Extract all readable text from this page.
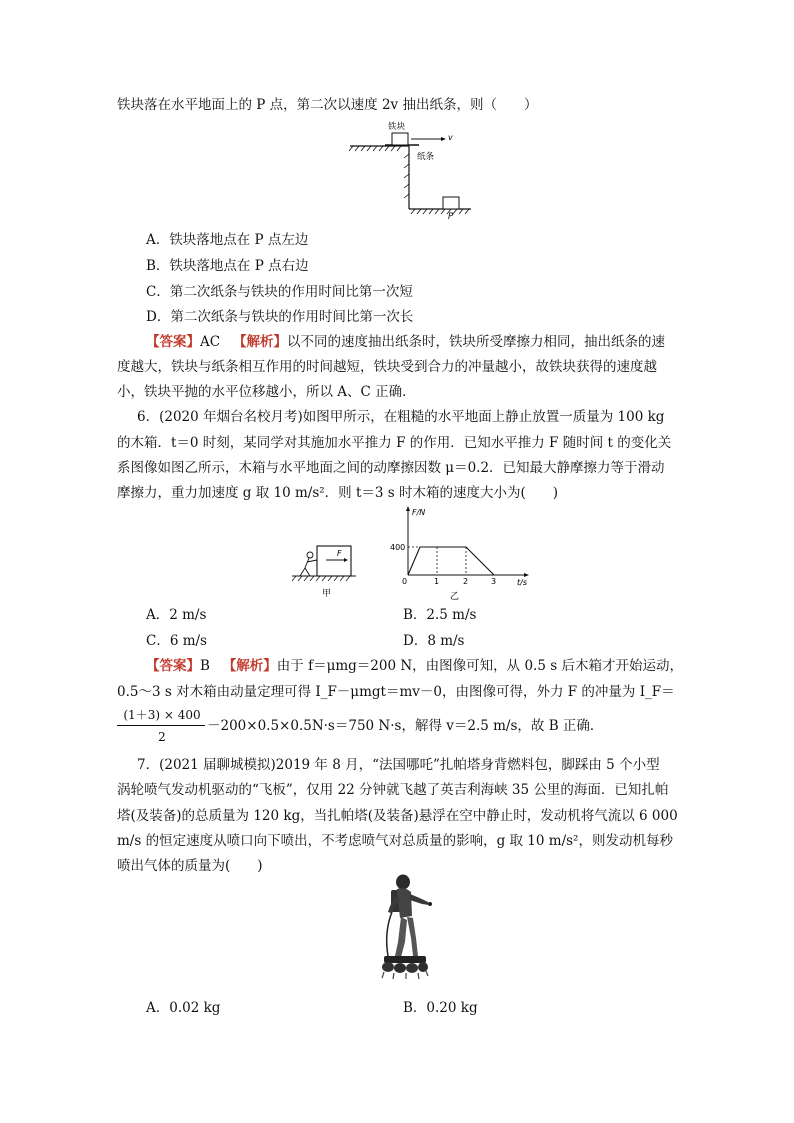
铁块落在水平地面上的 P 点，第二次以速度 2v 抽出纸条，则（　　）
铁块
v
纸条
P
A．铁块落地点在 P 点左边
B．铁块落地点在 P 点右边
C．第二次纸条与铁块的作用时间比第一次短
D．第二次纸条与铁块的作用时间比第一次长
【答案】AC 【解析】以不同的速度抽出纸条时，铁块所受摩擦力相同，抽出纸条的速
度越大，铁块与纸条相互作用的时间越短，铁块受到合力的冲量越小，故铁块获得的速度越
小，铁块平抛的水平位移越小，所以 A、C 正确．
6．(2020 年烟台名校月考)如图甲所示，在粗糙的水平地面上静止放置一质量为 100 kg
的木箱．t＝0 时刻，某同学对其施加水平推力 F 的作用．已知水平推力 F 随时间 t 的变化关
系图像如图乙所示，木箱与水平地面之间的动摩擦因数 μ＝0.2．已知最大静摩擦力等于滑动
摩擦力，重力加速度 g 取 10 m/s²．则 t＝3 s 时木箱的速度大小为(　　)
F
甲
F/N
t/s
400
0	1	2	3
乙
A．2 m/s	B．2.5 m/s
C．6 m/s	D．8 m/s
【答案】B 【解析】由于 f＝μmg＝200 N，由图像可知，从 0.5 s 后木箱才开始运动，
0.5～3 s 对木箱由动量定理可得 I_F－μmgt＝mv－0，由图像可得，外力 F 的冲量为 I_F＝
(1＋3) × 400
2
－200×0.5×0.5N·s＝750 N·s，解得 v＝2.5 m/s，故 B 正确．
7．(2021 届聊城模拟)2019 年 8 月，“法国哪吒”扎帕塔身背燃料包，脚踩由 5 个小型
涡轮喷气发动机驱动的“飞板”，仅用 22 分钟就飞越了英吉利海峡 35 公里的海面．已知扎帕
塔(及装备)的总质量为 120 kg，当扎帕塔(及装备)悬浮在空中静止时，发动机将气流以 6 000
m/s 的恒定速度从喷口向下喷出，不考虑喷气对总质量的影响，g 取 10 m/s²，则发动机每秒
喷出气体的质量为(　　)
A．0.02 kg	B．0.20 kg
